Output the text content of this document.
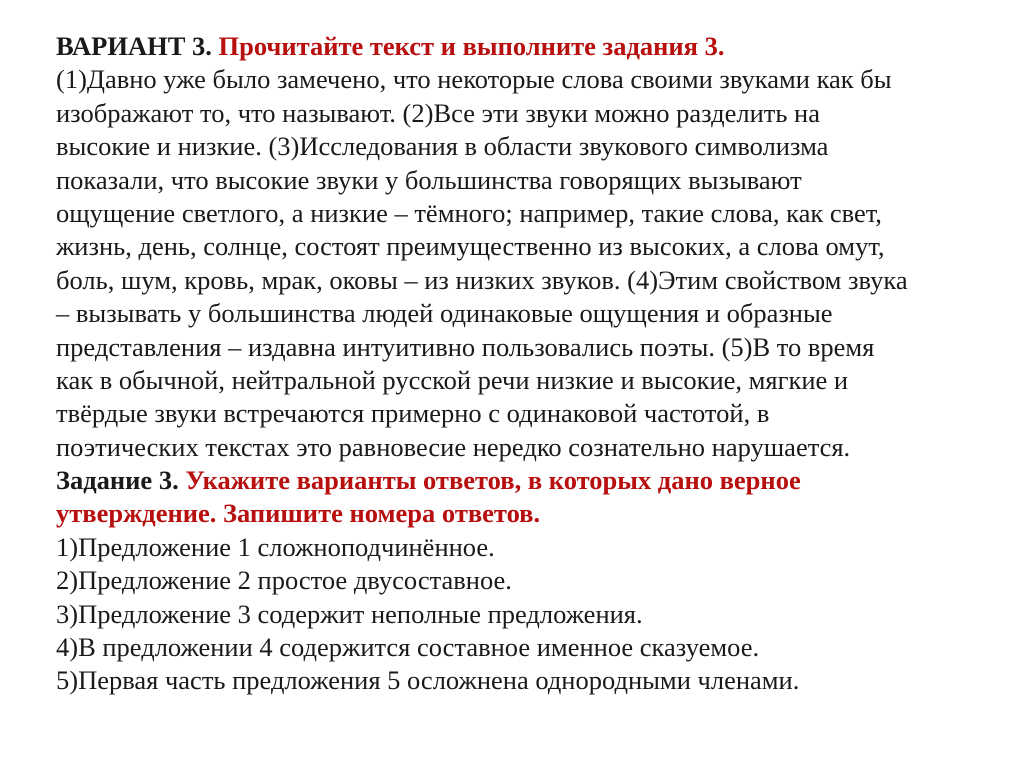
ВАРИАНТ 3. Прочитайте текст и выполните задания 3.
(1)Давно уже было замечено, что некоторые слова своими звуками как бы
изображают то, что называют. (2)Все эти звуки можно разделить на
высокие и низкие. (3)Исследования в области звукового символизма
показали, что высокие звуки у большинства говорящих вызывают
ощущение светлого, а низкие – тёмного; например, такие слова, как свет,
жизнь, день, солнце, состоят преимущественно из высоких, а слова омут,
боль, шум, кровь, мрак, оковы – из низких звуков. (4)Этим свойством звука
– вызывать у большинства людей одинаковые ощущения и образные
представления – издавна интуитивно пользовались поэты. (5)В то время
как в обычной, нейтральной русской речи низкие и высокие, мягкие и
твёрдые звуки встречаются примерно с одинаковой частотой, в
поэтических текстах это равновесие нередко сознательно нарушается.
Задание 3. Укажите варианты ответов, в которых дано верное
утверждение. Запишите номера ответов.
1)Предложение 1 сложноподчинённое.
2)Предложение 2 простое двусоставное.
3)Предложение 3 содержит неполные предложения.
4)В предложении 4 содержится составное именное сказуемое.
5)Первая часть предложения 5 осложнена однородными членами.
